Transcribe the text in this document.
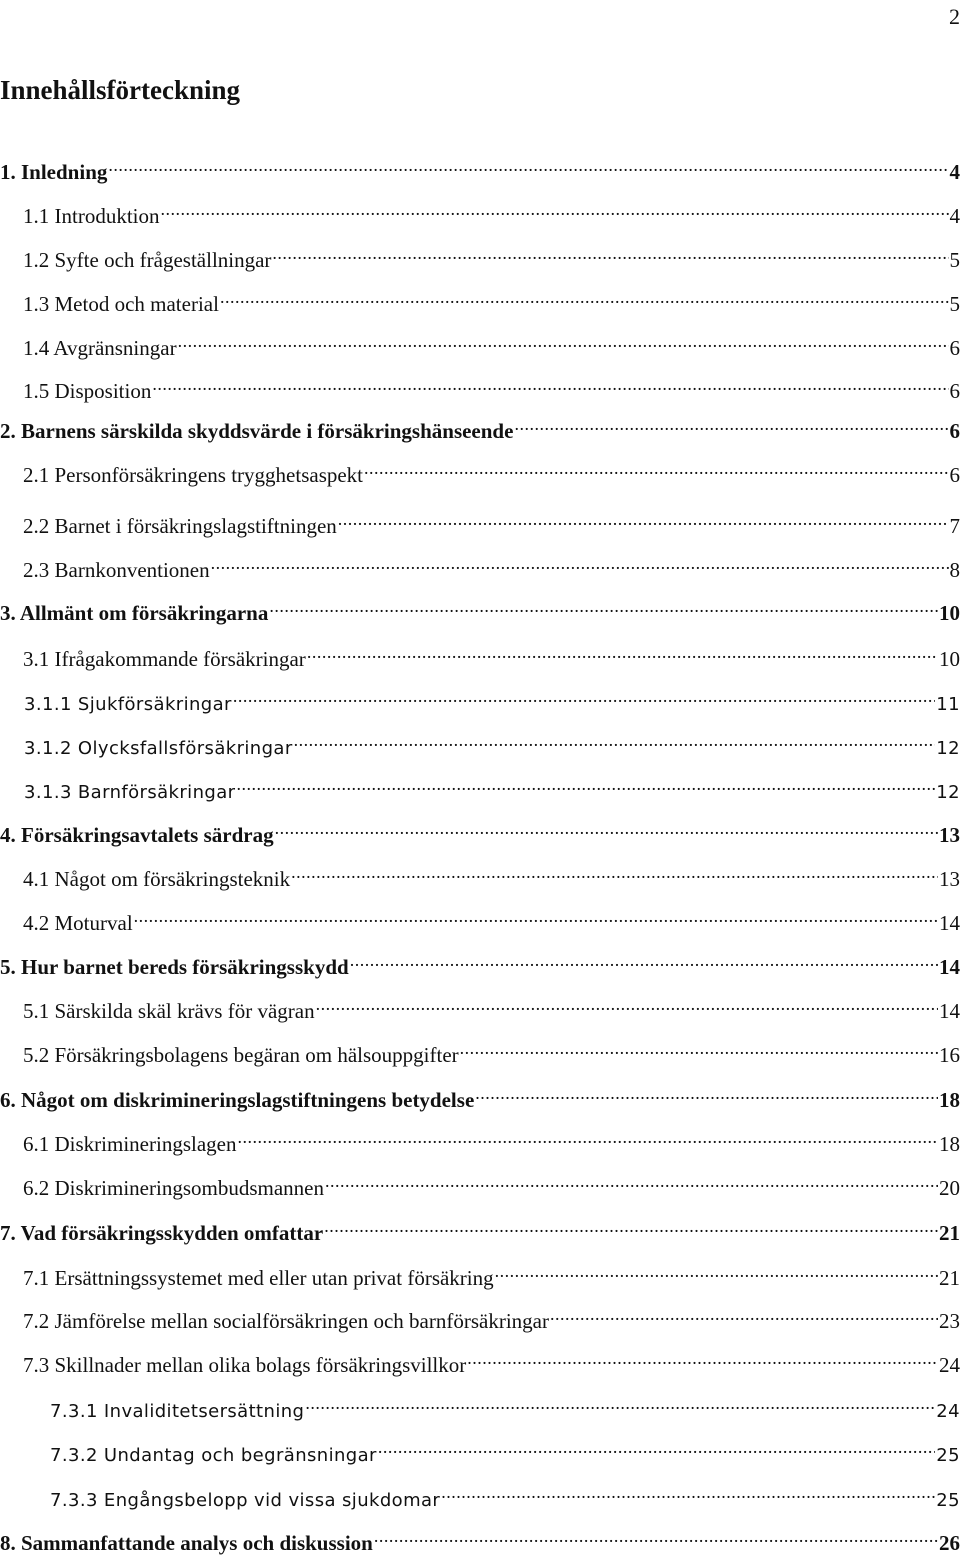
2
Innehållsförteckning
1. Inledning .....	4
1.1 Introduktion .....	4
1.2 Syfte och frågeställningar .....	5
1.3 Metod och material .....	5
1.4 Avgränsningar .....	6
1.5 Disposition .....	6
2. Barnens särskilda skyddsvärde i försäkringshänseende .....	6
2.1 Personförsäkringens trygghetsaspekt .....	6
2.2 Barnet i försäkringslagstiftningen .....	7
2.3 Barnkonventionen .....	8
3. Allmänt om försäkringarna .....	10
3.1 Ifrågakommande försäkringar .....	10
3.1.1 Sjukförsäkringar .....	11
3.1.2 Olycksfallsförsäkringar .....	12
3.1.3 Barnförsäkringar .....	12
4. Försäkringsavtalets särdrag .....	13
4.1 Något om försäkringsteknik .....	13
4.2 Moturval .....	14
5. Hur barnet bereds försäkringsskydd .....	14
5.1 Särskilda skäl krävs för vägran .....	14
5.2 Försäkringsbolagens begäran om hälsouppgifter .....	16
6. Något om diskrimineringslagstiftningens betydelse .....	18
6.1 Diskrimineringslagen .....	18
6.2 Diskrimineringsombudsmannen .....	20
7. Vad försäkringsskydden omfattar .....	21
7.1 Ersättningssystemet med eller utan privat försäkring .....	21
7.2 Jämförelse mellan socialförsäkringen och barnförsäkringar .....	23
7.3 Skillnader mellan olika bolags försäkringsvillkor .....	24
7.3.1 Invaliditetsersättning .....	24
7.3.2 Undantag och begränsningar .....	25
7.3.3 Engångsbelopp vid vissa sjukdomar .....	25
8. Sammanfattande analys och diskussion .....	26
